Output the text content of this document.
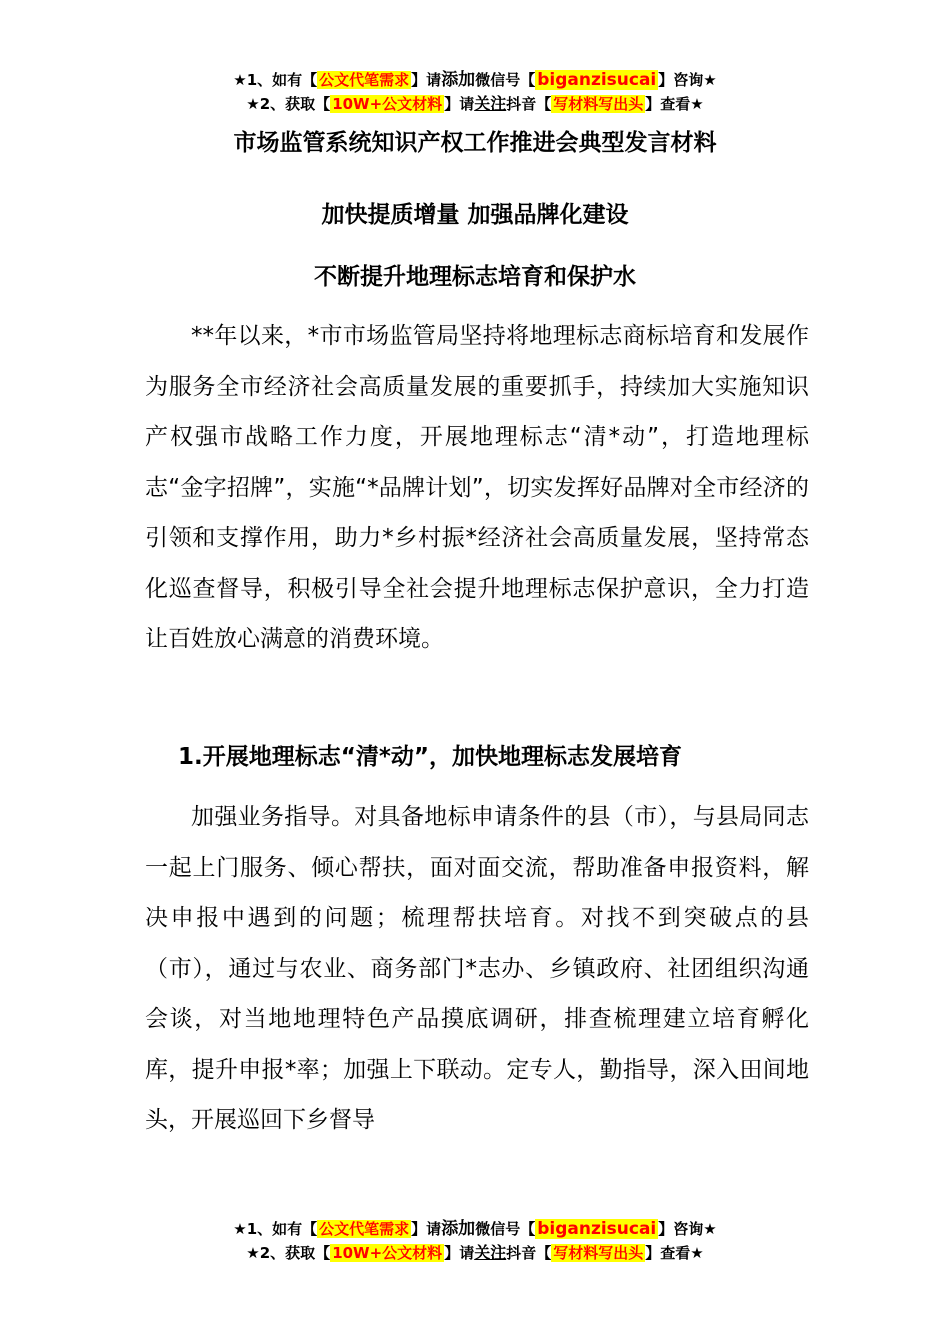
★1、如有【 公文代笔需求 】请添加微信号【 biganzisucai 】咨询★
★2、获取【 10W+公文材料 】请关注抖音【 写材料写出头 】查看★
市场监管系统知识产权工作推进会典型发言材料
加快提质增量 加强品牌化建设
不断提升地理标志培育和保护水

**年以来，*市市场监管局坚持将地理标志商标培育和发展作为服务全市经济社会高质量发展的重要抓手，持续加大实施知识产权强市战略工作力度，开展地理标志“清*动”，打造地理标志“金字招牌”，实施“*品牌计划”，切实发挥好品牌对全市经济的引领和支撑作用，助力*乡村振*经济社会高质量发展，坚持常态化巡查督导，积极引导全社会提升地理标志保护意识，全力打造让百姓放心满意的消费环境。

1.开展地理标志“清*动”，加快地理标志发展培育

加强业务指导。对具备地标申请条件的县（市），与县局同志一起上门服务、倾心帮扶，面对面交流，帮助准备申报资料，解决申报中遇到的问题；梳理帮扶培育。对找不到突破点的县（市），通过与农业、商务部门*志办、乡镇政府、社团组织沟通会谈，对当地地理特色产品摸底调研，排查梳理建立培育孵化库，提升申报*率；加强上下联动。定专人，勤指导，深入田间地头，开展巡回下乡督导

★1、如有【 公文代笔需求 】请添加微信号【 biganzisucai 】咨询★
★2、获取【 10W+公文材料 】请关注抖音【 写材料写出头 】查看★
